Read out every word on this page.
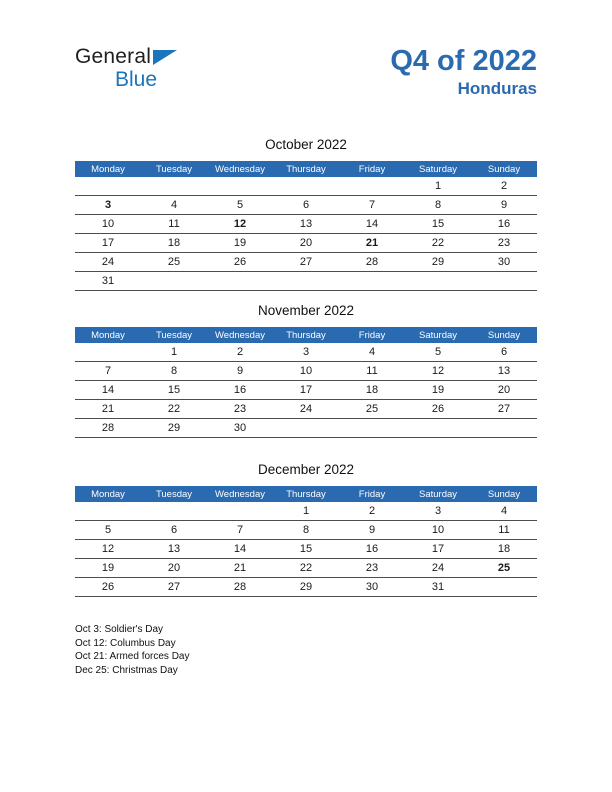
General
Blue
Q4 of 2022
Honduras
October 2022
Monday	Tuesday	Wednesday	Thursday	Friday	Saturday	Sunday
					1	2
3	4	5	6	7	8	9
10	11	12	13	14	15	16
17	18	19	20	21	22	23
24	25	26	27	28	29	30
31						
November 2022
Monday	Tuesday	Wednesday	Thursday	Friday	Saturday	Sunday
	1	2	3	4	5	6
7	8	9	10	11	12	13
14	15	16	17	18	19	20
21	22	23	24	25	26	27
28	29	30				
December 2022
Monday	Tuesday	Wednesday	Thursday	Friday	Saturday	Sunday
			1	2	3	4
5	6	7	8	9	10	11
12	13	14	15	16	17	18
19	20	21	22	23	24	25
26	27	28	29	30	31	
Oct 3: Soldier's Day
Oct 12: Columbus Day
Oct 21: Armed forces Day
Dec 25: Christmas Day
